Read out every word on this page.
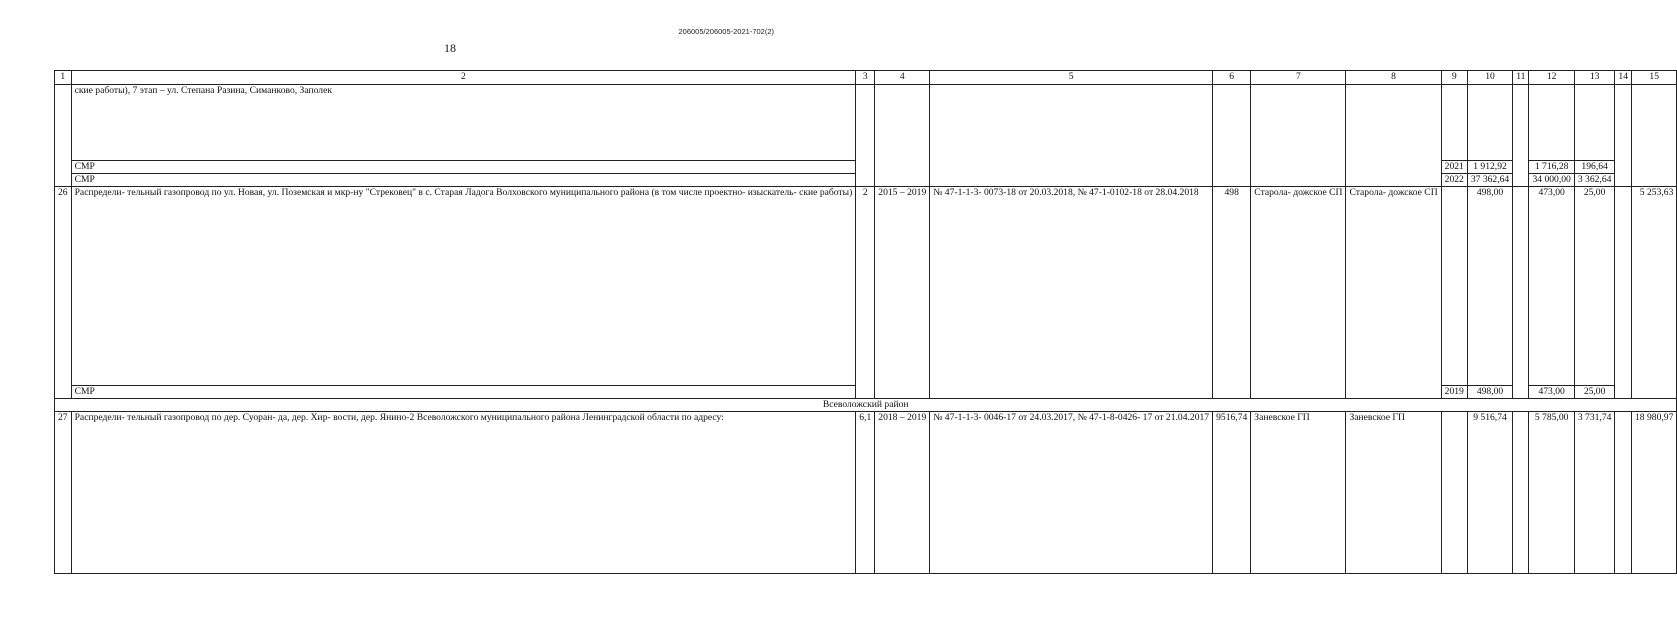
206005/206005-2021-702(2)
18
1	2	3	4	5	6	7	8	9	10	11	12	13	14	15
	ские работы), 7 этап – ул. Степана Разина, Симанково, Заполек													
	СМР							2021	1 912,92		1 716,28	196,64		
	СМР							2022	37 362,64		34 000,00	3 362,64		
26	Распредели- тельный газопровод по ул. Новая, ул. Поземская и мкр-ну "Стрековец" в с. Старая Ладога Волховского муниципального района (в том числе проектно- изыскатель- ские работы)	2	2015 – 2019	№ 47-1-1-3- 0073-18 от 20.03.2018, № 47-1-0102-18 от 28.04.2018	498	Старола- дожское СП	Старола- дожское СП		498,00		473,00	25,00		5 253,63
	СМР							2019	498,00		473,00	25,00		
Всеволожский район														
27	Распредели- тельный газопровод по дер. Суоран- да, дер. Хир- вости, дер. Янино-2 Всеволожского муниципального района Ленинградской области по адресу:	6,1	2018 – 2019	№ 47-1-1-3- 0046-17 от 24.03.2017, № 47-1-8-0426- 17 от 21.04.2017	9516,74	Заневское ГП	Заневское ГП		9 516,74		5 785,00	3 731,74		18 980,97
